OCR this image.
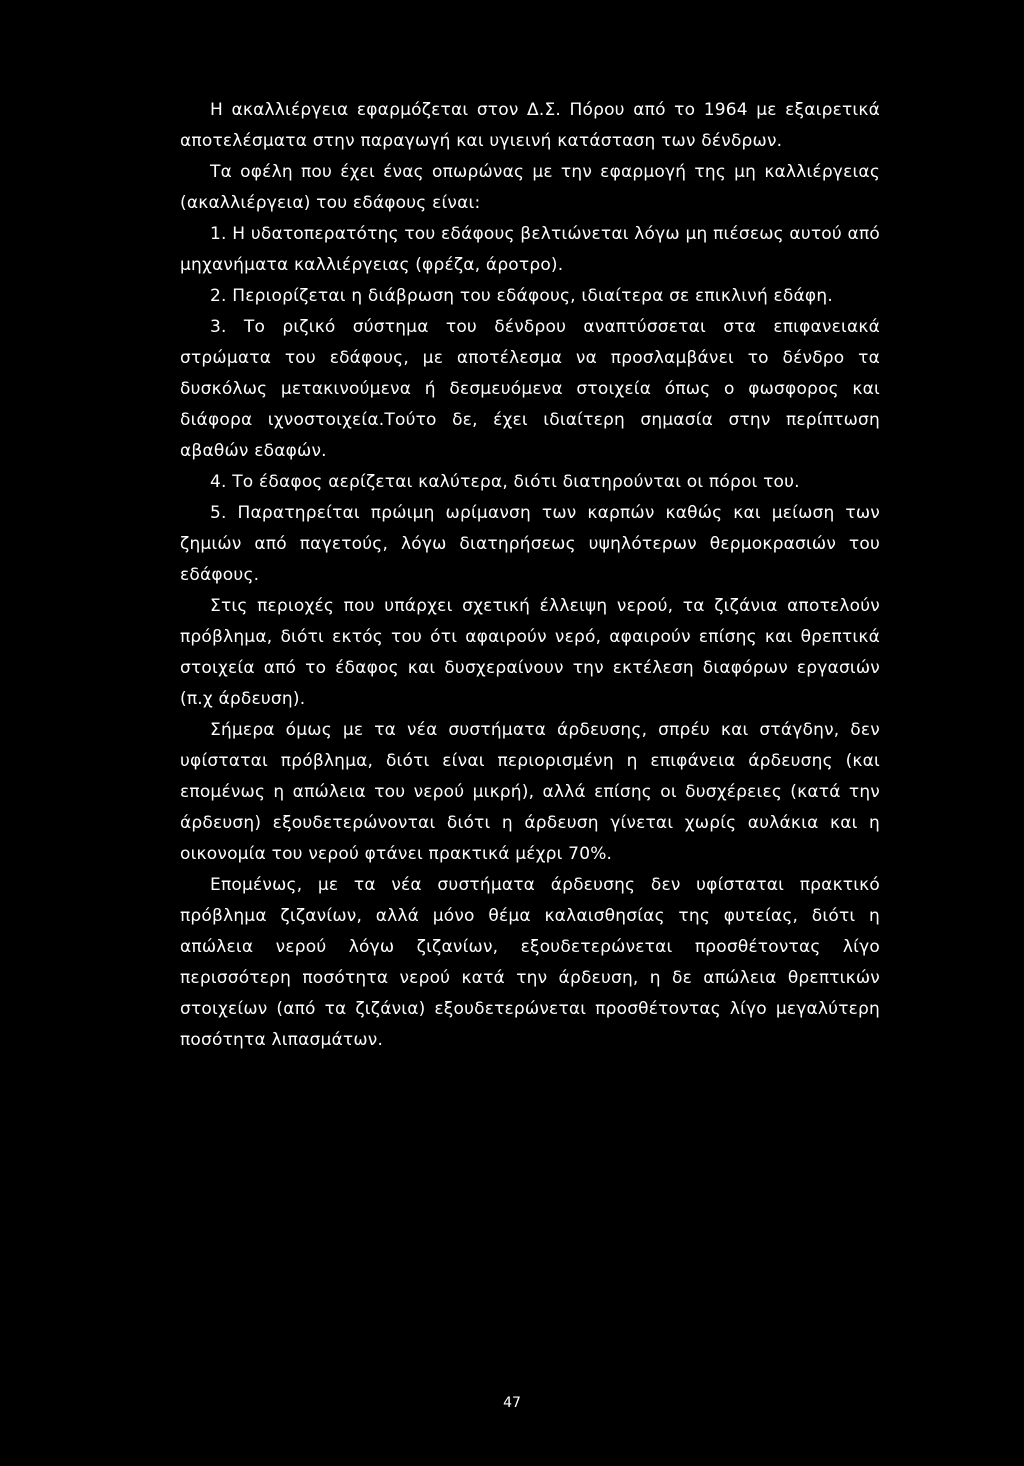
Η ακαλλιέργεια εφαρμόζεται στον Δ.Σ. Πόρου από το 1964 με εξαιρετικά αποτελέσματα στην παραγωγή και υγιεινή κατάσταση των δένδρων.

Τα οφέλη που έχει ένας οπωρώνας με την εφαρμογή της μη καλλιέργειας (ακαλλιέργεια) του εδάφους είναι:

1. Η υδατοπερατότης του εδάφους βελτιώνεται λόγω μη πιέσεως αυτού από μηχανήματα καλλιέργειας (φρέζα, άροτρο).

2. Περιορίζεται η διάβρωση του εδάφους, ιδιαίτερα σε επικλινή εδάφη.

3. Το ριζικό σύστημα του δένδρου αναπτύσσεται στα επιφανειακά στρώματα του εδάφους, με αποτέλεσμα να προσλαμβάνει το δένδρο τα δυσκόλως μετακινούμενα ή δεσμευόμενα στοιχεία όπως ο φωσφορος και διάφορα ιχνοστοιχεία.Τούτο δε, έχει ιδιαίτερη σημασία στην περίπτωση αβαθών εδαφών.

4. Το έδαφος αερίζεται καλύτερα, διότι διατηρούνται οι πόροι του.

5. Παρατηρείται πρώιμη ωρίμανση των καρπών καθώς και μείωση των ζημιών από παγετούς, λόγω διατηρήσεως υψηλότερων θερμοκρασιών του εδάφους.

Στις περιοχές που υπάρχει σχετική έλλειψη νερού, τα ζιζάνια αποτελούν πρόβλημα, διότι εκτός του ότι αφαιρούν νερό, αφαιρούν επίσης και θρεπτικά στοιχεία από το έδαφος και δυσχεραίνουν την εκτέλεση διαφόρων εργασιών (π.χ άρδευση).

Σήμερα όμως με τα νέα συστήματα άρδευσης, σπρέυ και στάγδην, δεν υφίσταται πρόβλημα, διότι είναι περιορισμένη η επιφάνεια άρδευσης (και επομένως η απώλεια του νερού μικρή), αλλά επίσης οι δυσχέρειες (κατά την άρδευση) εξουδετερώνονται διότι η άρδευση γίνεται χωρίς αυλάκια και η οικονομία του νερού φτάνει πρακτικά μέχρι 70%.

Επομένως, με τα νέα συστήματα άρδευσης δεν υφίσταται πρακτικό πρόβλημα ζιζανίων, αλλά μόνο θέμα καλαισθησίας της φυτείας, διότι η απώλεια νερού λόγω ζιζανίων, εξουδετερώνεται προσθέτοντας λίγο περισσότερη ποσότητα νερού κατά την άρδευση, η δε απώλεια θρεπτικών στοιχείων (από τα ζιζάνια) εξουδετερώνεται προσθέτοντας λίγο μεγαλύτερη ποσότητα λιπασμάτων.

47
